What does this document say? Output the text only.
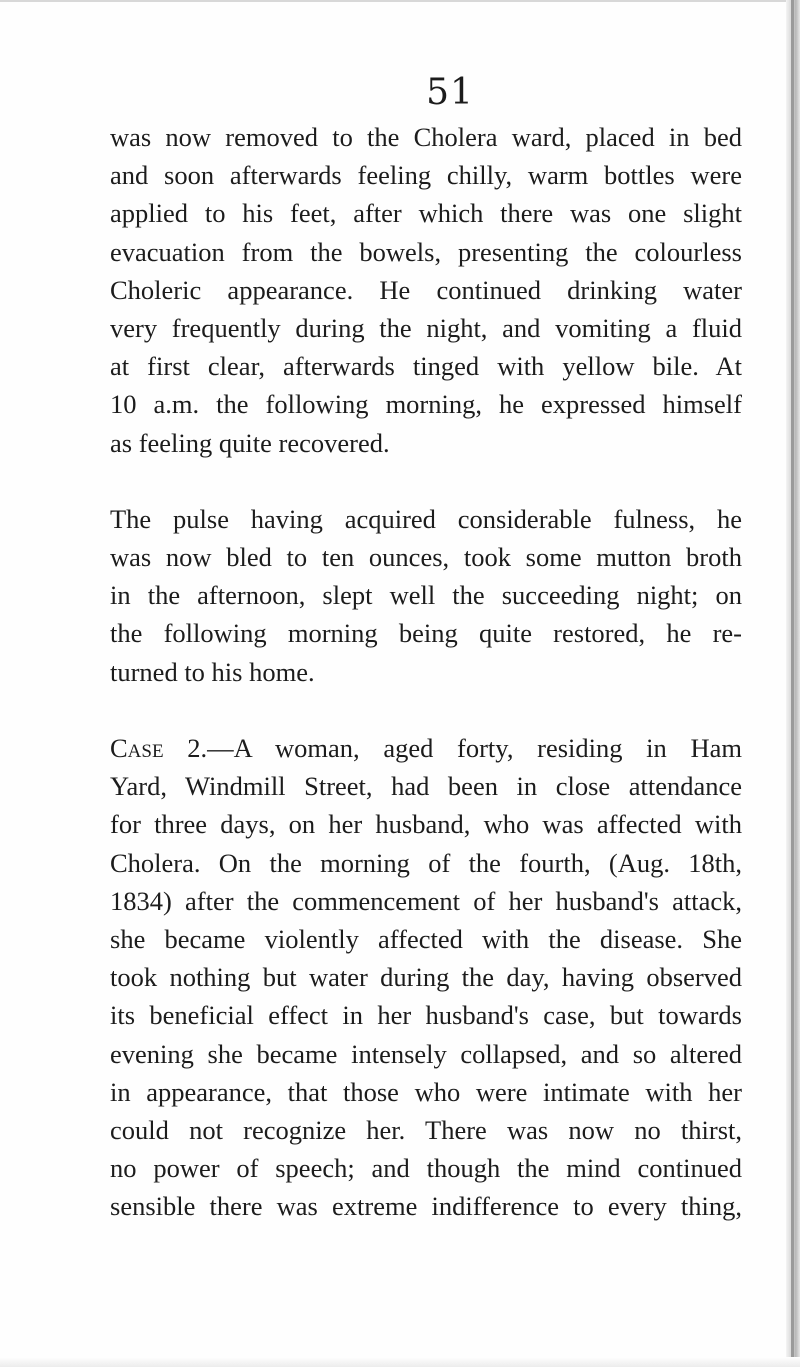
51
was now removed to the Cholera ward, placed in bed
and soon afterwards feeling chilly, warm bottles were
applied to his feet, after which there was one slight
evacuation from the bowels, presenting the colourless
Choleric appearance. He continued drinking water
very frequently during the night, and vomiting a fluid
at first clear, afterwards tinged with yellow bile. At
10 a.m. the following morning, he expressed himself
as feeling quite recovered.
The pulse having acquired considerable fulness, he
was now bled to ten ounces, took some mutton broth
in the afternoon, slept well the succeeding night; on
the following morning being quite restored, he re-
turned to his home.
Case 2.—A woman, aged forty, residing in Ham
Yard, Windmill Street, had been in close attendance
for three days, on her husband, who was affected with
Cholera. On the morning of the fourth, (Aug. 18th,
1834) after the commencement of her husband's attack,
she became violently affected with the disease. She
took nothing but water during the day, having observed
its beneficial effect in her husband's case, but towards
evening she became intensely collapsed, and so altered
in appearance, that those who were intimate with her
could not recognize her. There was now no thirst,
no power of speech; and though the mind continued
sensible there was extreme indifference to every thing,
